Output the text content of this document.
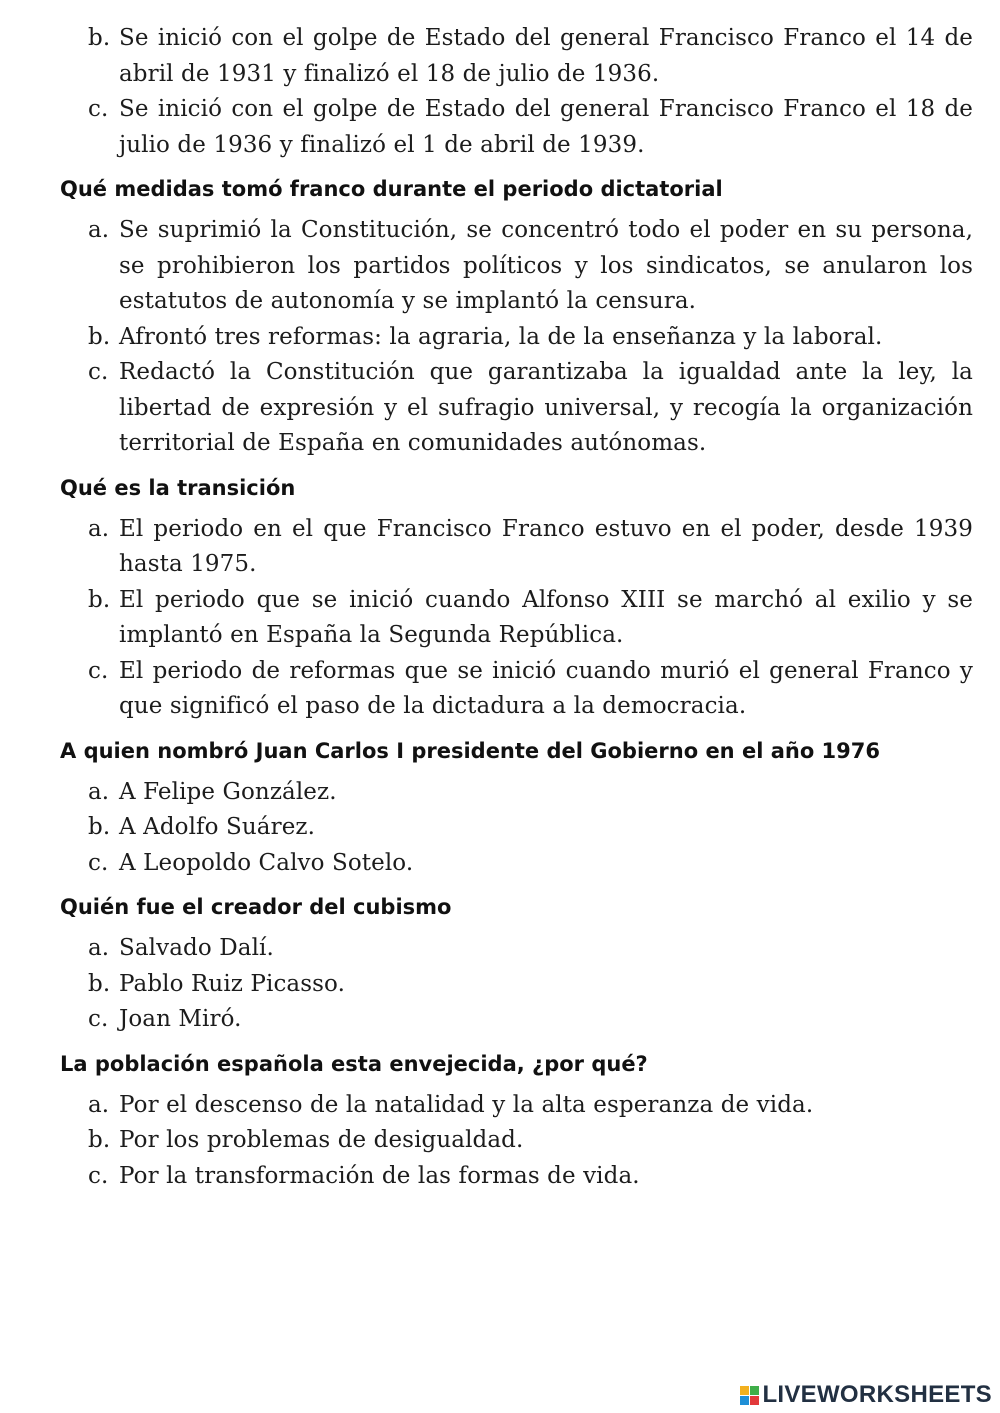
b. Se inició con el golpe de Estado del general Francisco Franco el 14 de abril de 1931 y finalizó el 18 de julio de 1936.
c. Se inició con el golpe de Estado del general Francisco Franco el 18 de julio de 1936 y finalizó el 1 de abril de 1939.
Qué medidas tomó franco durante el periodo dictatorial
a. Se suprimió la Constitución, se concentró todo el poder en su persona, se prohibieron los partidos políticos y los sindicatos, se anularon los estatutos de autonomía y se implantó la censura.
b. Afrontó tres reformas: la agraria, la de la enseñanza y la laboral.
c. Redactó la Constitución que garantizaba la igualdad ante la ley, la libertad de expresión y el sufragio universal, y recogía la organización territorial de España en comunidades autónomas.
Qué es la transición
a. El periodo en el que Francisco Franco estuvo en el poder, desde 1939 hasta 1975.
b. El periodo que se inició cuando Alfonso XIII se marchó al exilio y se implantó en España la Segunda República.
c. El periodo de reformas que se inició cuando murió el general Franco y que significó el paso de la dictadura a la democracia.
A quien nombró Juan Carlos I presidente del Gobierno en el año 1976
a. A Felipe González.
b. A Adolfo Suárez.
c. A Leopoldo Calvo Sotelo.
Quién fue el creador del cubismo
a. Salvado Dalí.
b. Pablo Ruiz Picasso.
c. Joan Miró.
La población española esta envejecida, ¿por qué?
a. Por el descenso de la natalidad y la alta esperanza de vida.
b. Por los problemas de desigualdad.
c. Por la transformación de las formas de vida.
LIVEWORKSHEETS
